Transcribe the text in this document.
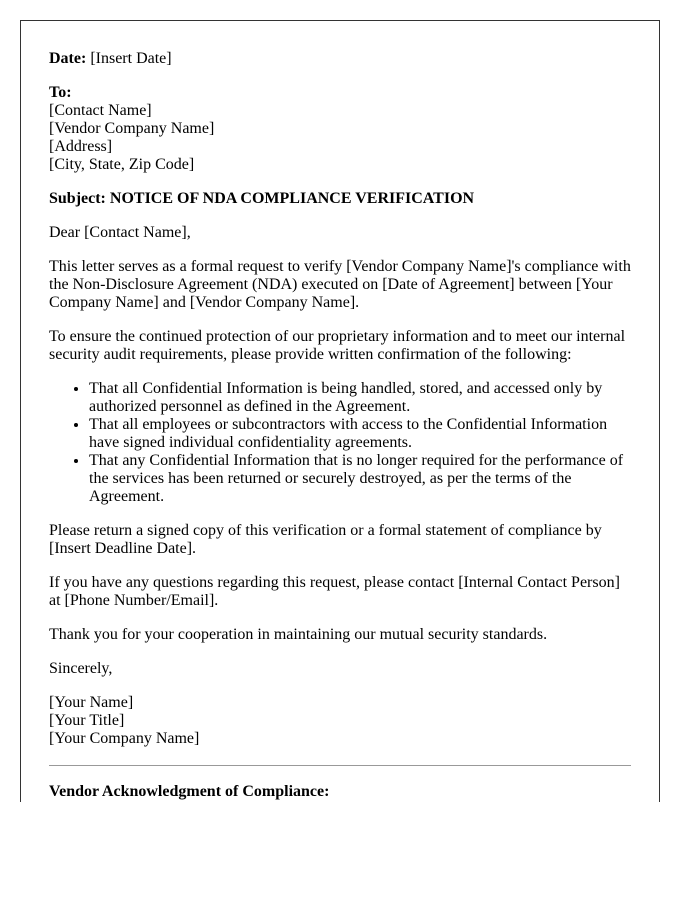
Date: [Insert Date]

To:
[Contact Name]
[Vendor Company Name]
[Address]
[City, State, Zip Code]

Subject: NOTICE OF NDA COMPLIANCE VERIFICATION

Dear [Contact Name],

This letter serves as a formal request to verify [Vendor Company Name]'s compliance with the Non-Disclosure Agreement (NDA) executed on [Date of Agreement] between [Your Company Name] and [Vendor Company Name].

To ensure the continued protection of our proprietary information and to meet our internal security audit requirements, please provide written confirmation of the following:

• That all Confidential Information is being handled, stored, and accessed only by authorized personnel as defined in the Agreement.
• That all employees or subcontractors with access to the Confidential Information have signed individual confidentiality agreements.
• That any Confidential Information that is no longer required for the performance of the services has been returned or securely destroyed, as per the terms of the Agreement.

Please return a signed copy of this verification or a formal statement of compliance by [Insert Deadline Date].

If you have any questions regarding this request, please contact [Internal Contact Person] at [Phone Number/Email].

Thank you for your cooperation in maintaining our mutual security standards.

Sincerely,

[Your Name]
[Your Title]
[Your Company Name]

Vendor Acknowledgment of Compliance:
